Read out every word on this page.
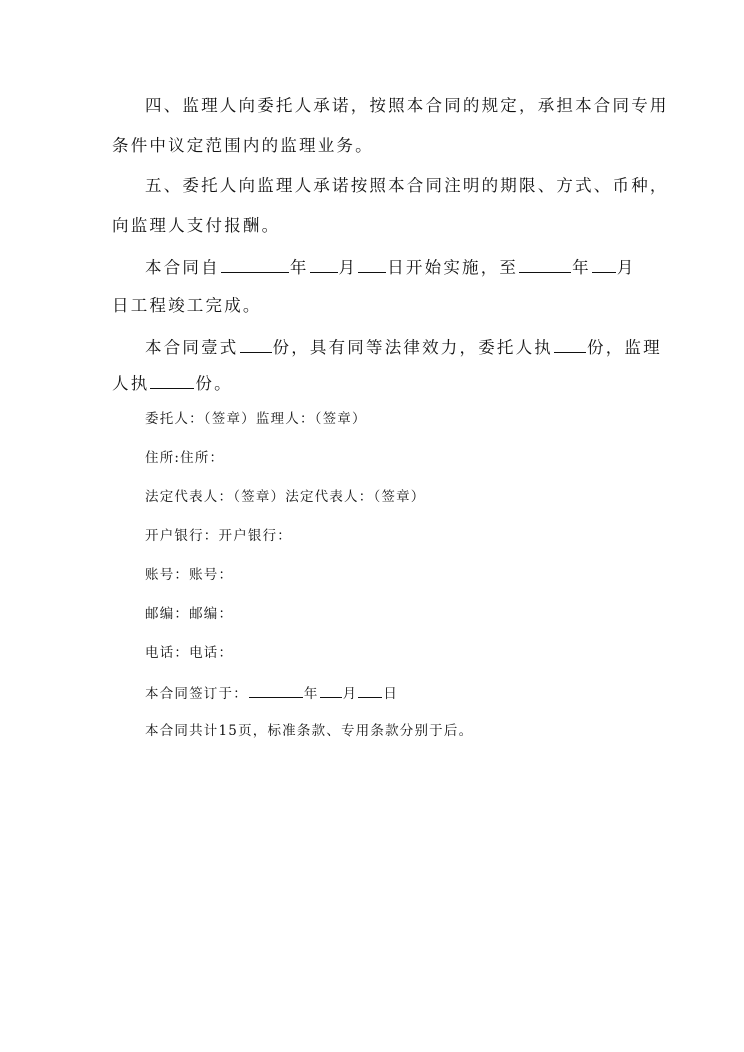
四、监理人向委托人承诺，按照本合同的规定，承担本合同专用
条件中议定范围内的监理业务。
五、委托人向监理人承诺按照本合同注明的期限、方式、币种，
向监理人支付报酬。
本合同自	年 月 日开始实施，至	年 月
日工程竣工完成。
本合同壹式 份，具有同等法律效力，委托人执 份，监理
人执	份。
委托人：（签章）监理人：（签章）
住所:住所：
法定代表人：（签章）法定代表人：（签章）
开户银行：开户银行：
账号：账号：
邮编：邮编：
电话：电话：
本合同签订于：	年 月 日
本合同共计15页，标准条款、专用条款分别于后。
